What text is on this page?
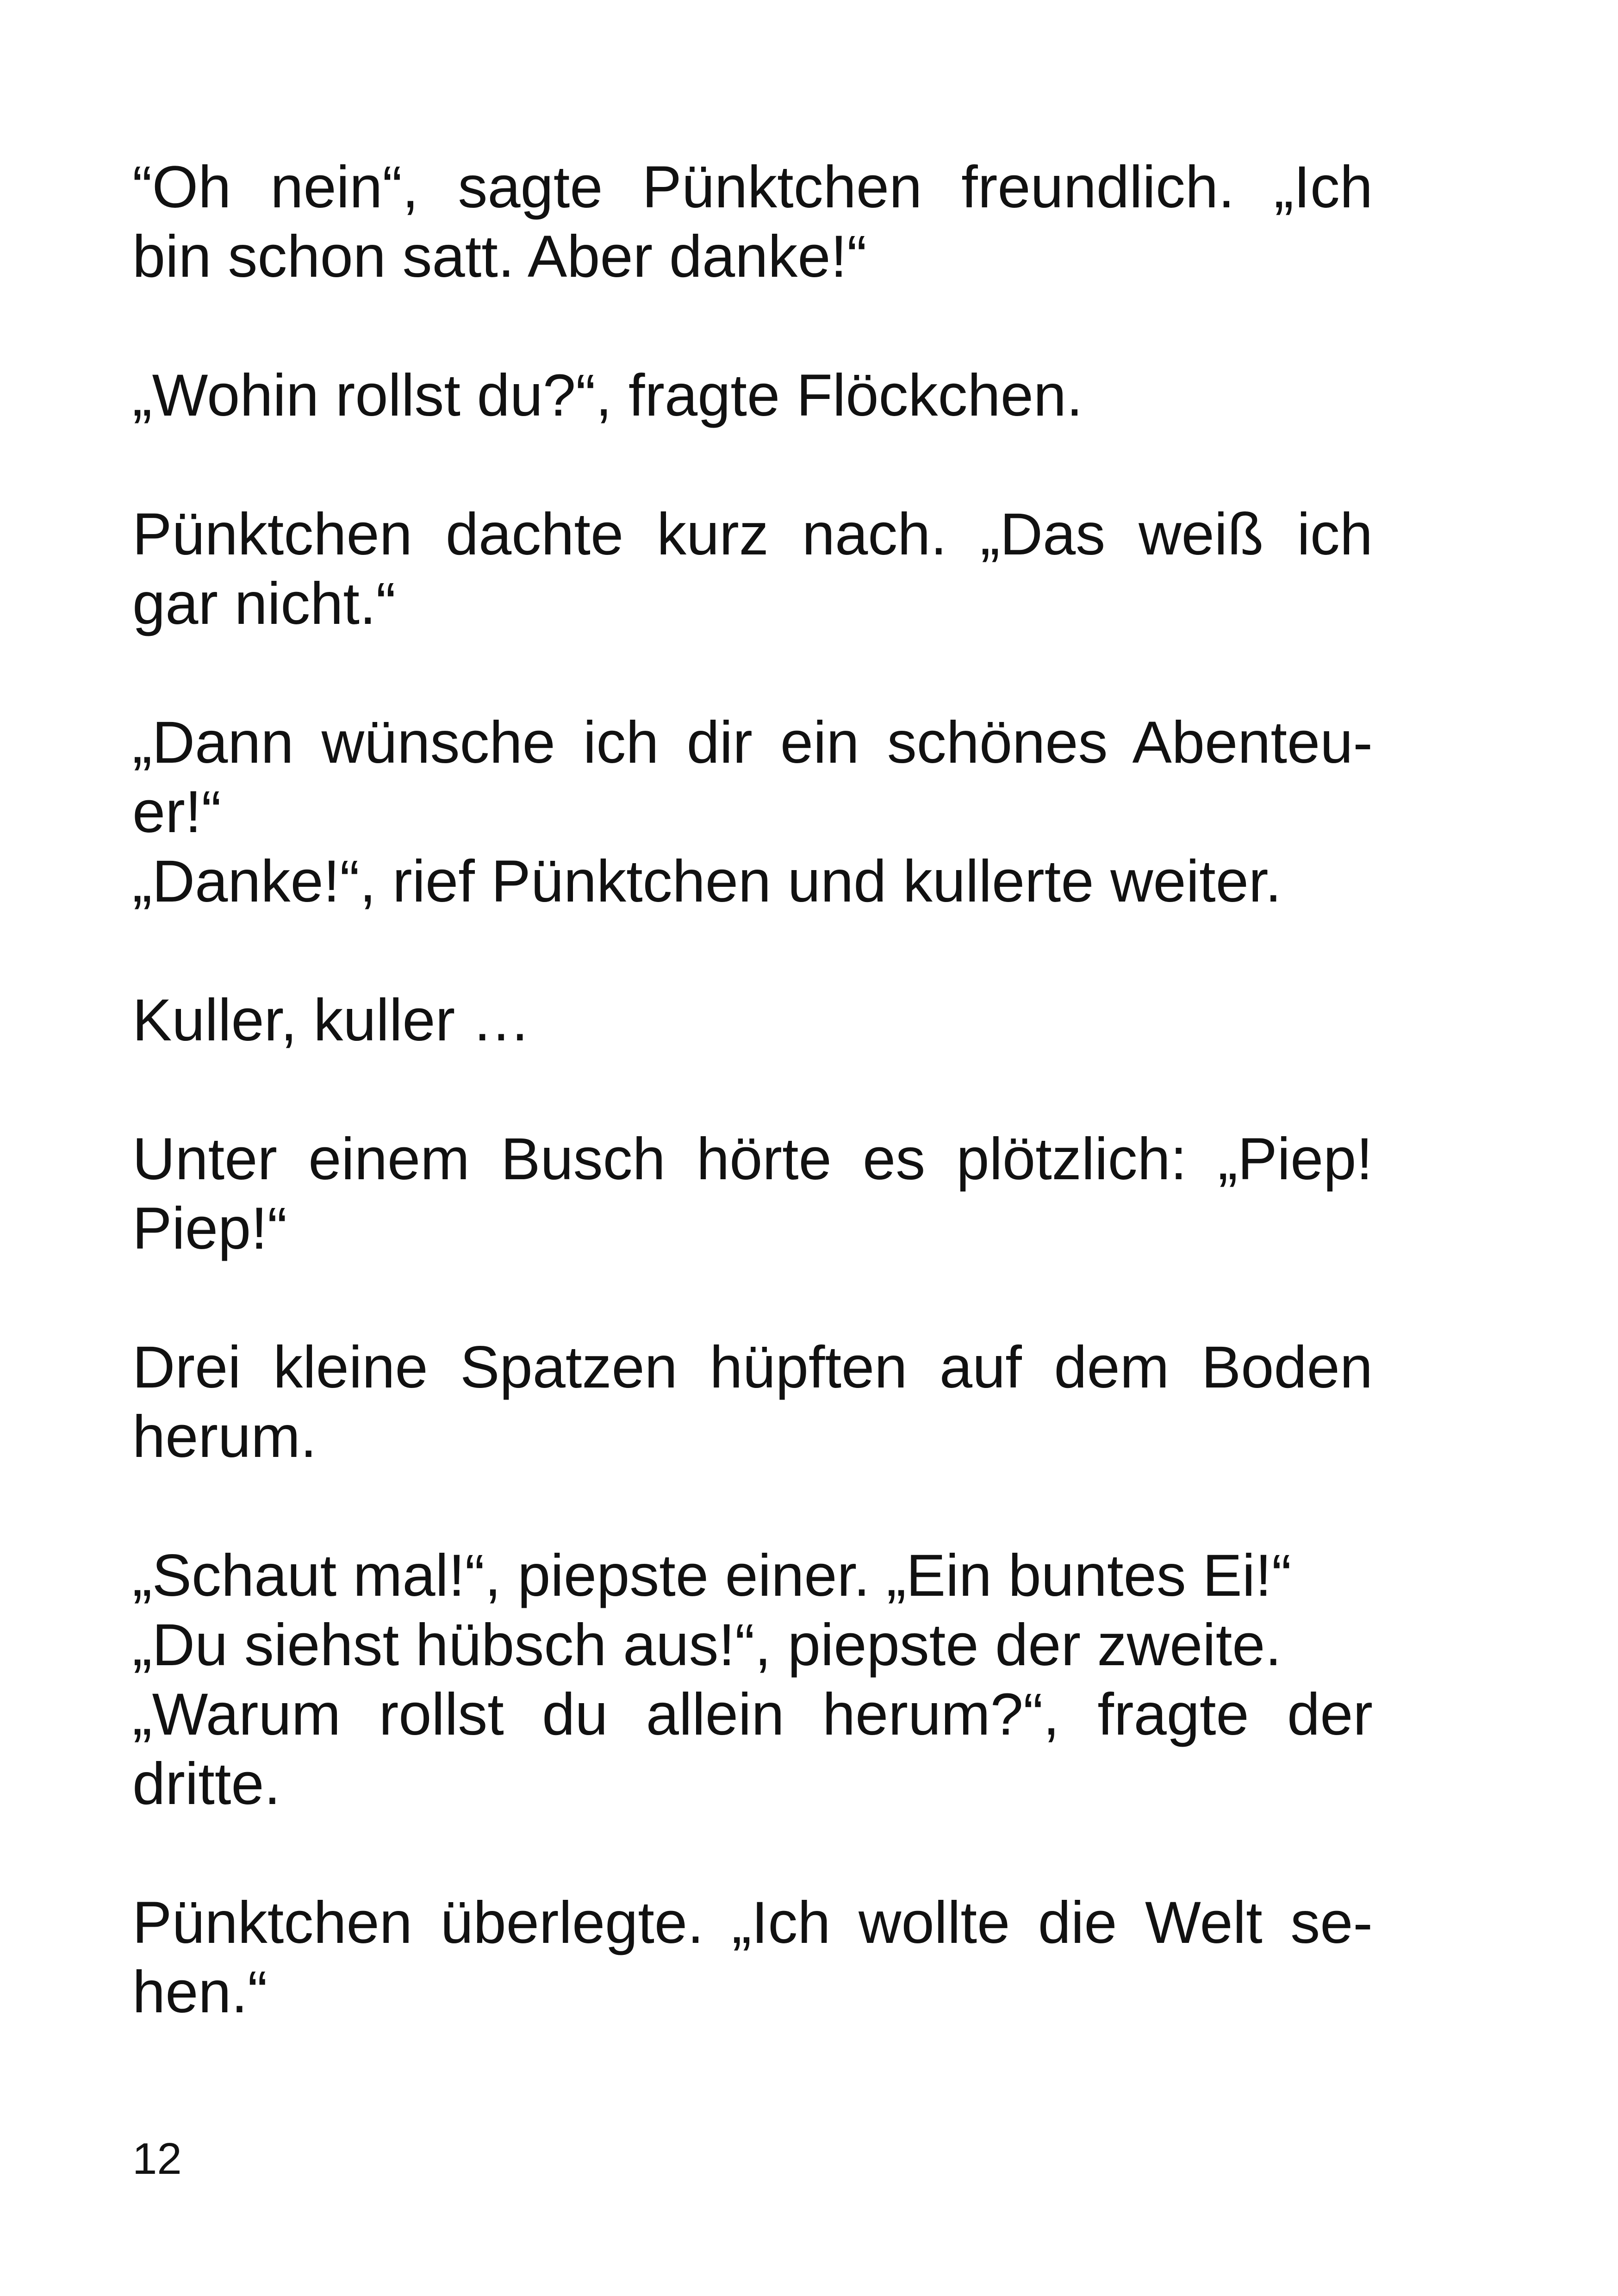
“Oh nein“, sagte Pünktchen freundlich. „Ich
bin schon satt. Aber danke!“
„Wohin rollst du?“, fragte Flöckchen.
Pünktchen dachte kurz nach. „Das weiß ich
gar nicht.“
„Dann wünsche ich dir ein schönes Abenteu-
er!“
„Danke!“, rief Pünktchen und kullerte weiter.
Kuller, kuller …
Unter einem Busch hörte es plötzlich: „Piep!
Piep!“
Drei kleine Spatzen hüpften auf dem Boden
herum.
„Schaut mal!“, piepste einer. „Ein buntes Ei!“
„Du siehst hübsch aus!“, piepste der zweite.
„Warum rollst du allein herum?“, fragte der
dritte.
Pünktchen überlegte. „Ich wollte die Welt se-
hen.“
12
